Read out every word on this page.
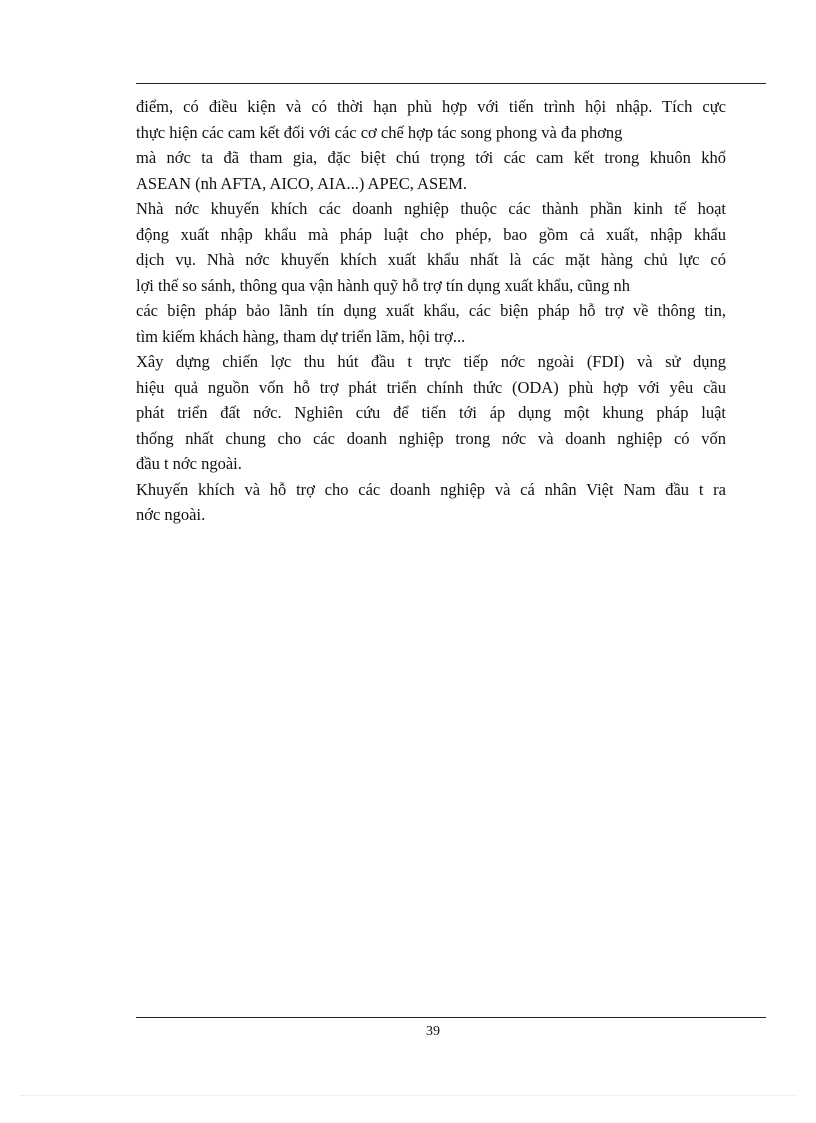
điểm, có điều kiện và có thời hạn phù hợp với tiến trình hội nhập. Tích cực
thực hiện các cam kết đối với các cơ chế hợp tác song phong và đa phơng
mà nớc ta đã tham gia, đặc biệt chú trọng tới các cam kết trong khuôn khổ
ASEAN (nh AFTA, AICO, AIA...) APEC, ASEM.
Nhà nớc khuyến khích các doanh nghiệp thuộc các thành phần kinh tế hoạt
động xuất nhập khẩu mà pháp luật cho phép, bao gồm cả xuất, nhập khẩu
dịch vụ. Nhà nớc khuyến khích xuất khẩu nhất là các mặt hàng chủ lực có
lợi thế so sánh, thông qua vận hành quỹ hỗ trợ tín dụng xuất khẩu, cũng nh
các biện pháp bảo lãnh tín dụng xuất khẩu, các biện pháp hỗ trợ về thông tin,
tìm kiếm khách hàng, tham dự triển lãm, hội trợ...
Xây dựng chiến lợc thu hút đầu t trực tiếp nớc ngoài (FDI) và sử dụng
hiệu quả nguồn vốn hỗ trợ phát triển chính thức (ODA) phù hợp với yêu cầu
phát triển đất nớc. Nghiên cứu để tiến tới áp dụng một khung pháp luật
thống nhất chung cho các doanh nghiệp trong nớc và doanh nghiệp có vốn
đầu t nớc ngoài.
Khuyến khích và hỗ trợ cho các doanh nghiệp và cá nhân Việt Nam đầu t ra
nớc ngoài.
39
